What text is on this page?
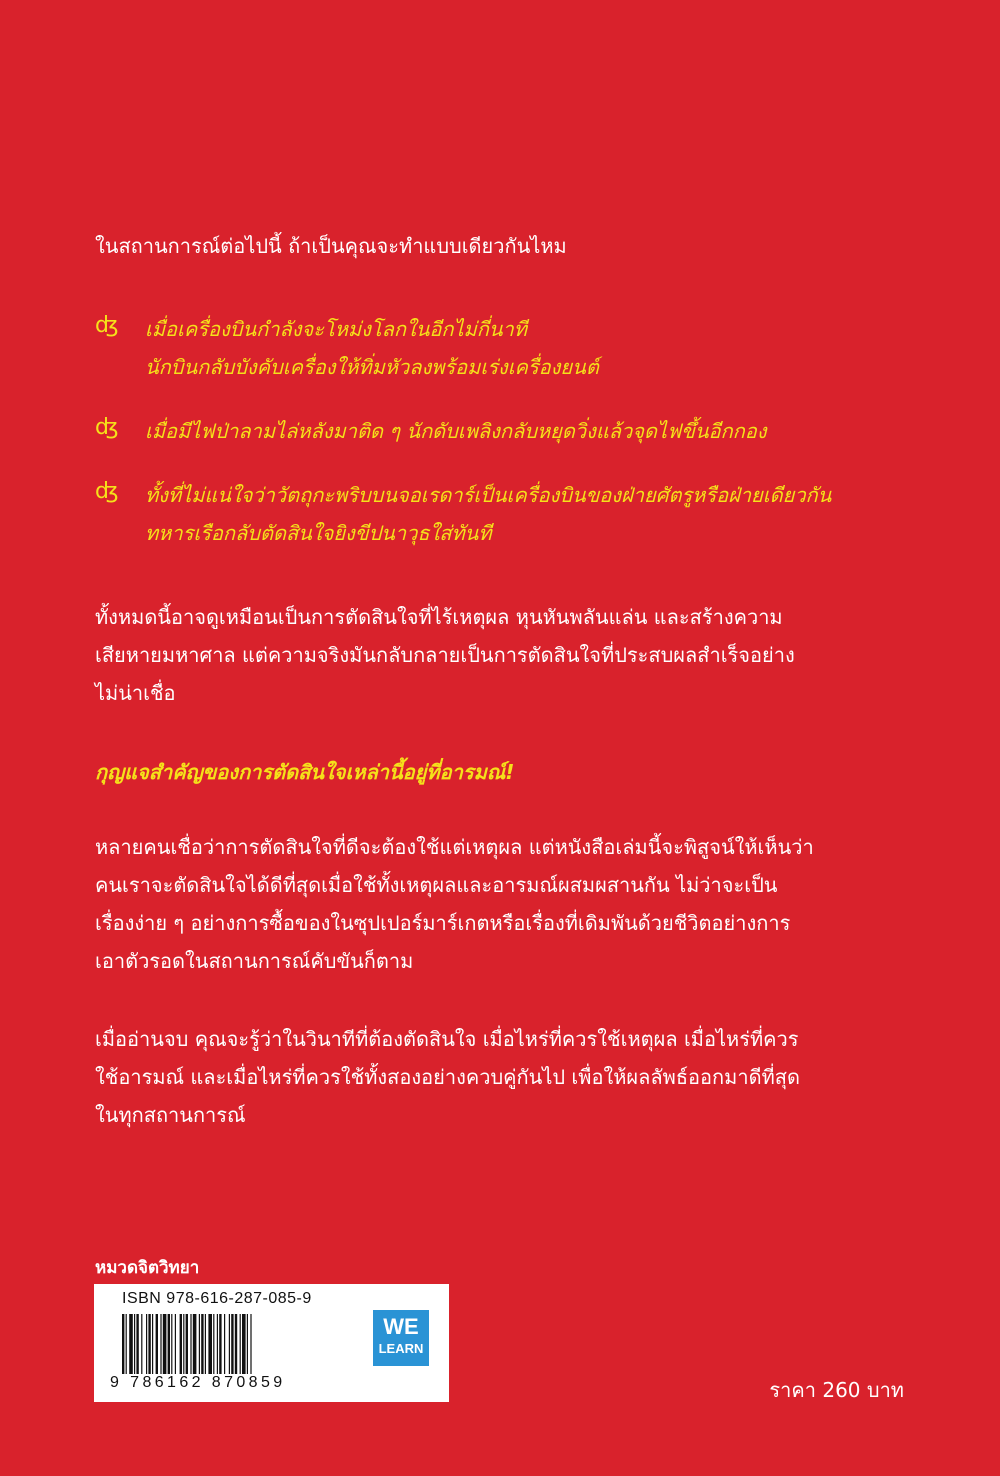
ในสถานการณ์ต่อไปนี้ ถ้าเป็นคุณจะทำแบบเดียวกันไหม
ʤ	เมื่อเครื่องบินกำลังจะโหม่งโลกในอีกไม่กี่นาที
นักบินกลับบังคับเครื่องให้ทิ่มหัวลงพร้อมเร่งเครื่องยนต์
ʤ	เมื่อมีไฟป่าลามไล่หลังมาติด ๆ นักดับเพลิงกลับหยุดวิ่งแล้วจุดไฟขึ้นอีกกอง
ʤ	ทั้งที่ไม่แน่ใจว่าวัตถุกะพริบบนจอเรดาร์เป็นเครื่องบินของฝ่ายศัตรูหรือฝ่ายเดียวกัน
ทหารเรือกลับตัดสินใจยิงขีปนาวุธใส่ทันที
ทั้งหมดนี้อาจดูเหมือนเป็นการตัดสินใจที่ไร้เหตุผล หุนหันพลันแล่น และสร้างความ
เสียหายมหาศาล แต่ความจริงมันกลับกลายเป็นการตัดสินใจที่ประสบผลสำเร็จอย่าง
ไม่น่าเชื่อ
กุญแจสำคัญของการตัดสินใจเหล่านี้อยู่ที่อารมณ์!
หลายคนเชื่อว่าการตัดสินใจที่ดีจะต้องใช้แต่เหตุผล แต่หนังสือเล่มนี้จะพิสูจน์ให้เห็นว่า
คนเราจะตัดสินใจได้ดีที่สุดเมื่อใช้ทั้งเหตุผลและอารมณ์ผสมผสานกัน ไม่ว่าจะเป็น
เรื่องง่าย ๆ อย่างการซื้อของในซุปเปอร์มาร์เกตหรือเรื่องที่เดิมพันด้วยชีวิตอย่างการ
เอาตัวรอดในสถานการณ์คับขันก็ตาม
เมื่ออ่านจบ คุณจะรู้ว่าในวินาทีที่ต้องตัดสินใจ เมื่อไหร่ที่ควรใช้เหตุผล เมื่อไหร่ที่ควร
ใช้อารมณ์ และเมื่อไหร่ที่ควรใช้ทั้งสองอย่างควบคู่กันไป เพื่อให้ผลลัพธ์ออกมาดีที่สุด
ในทุกสถานการณ์
หมวดจิตวิทยา
ISBN 978-616-287-085-9
9 786162 870859
WE
LEARN
ราคา 260 บาท
